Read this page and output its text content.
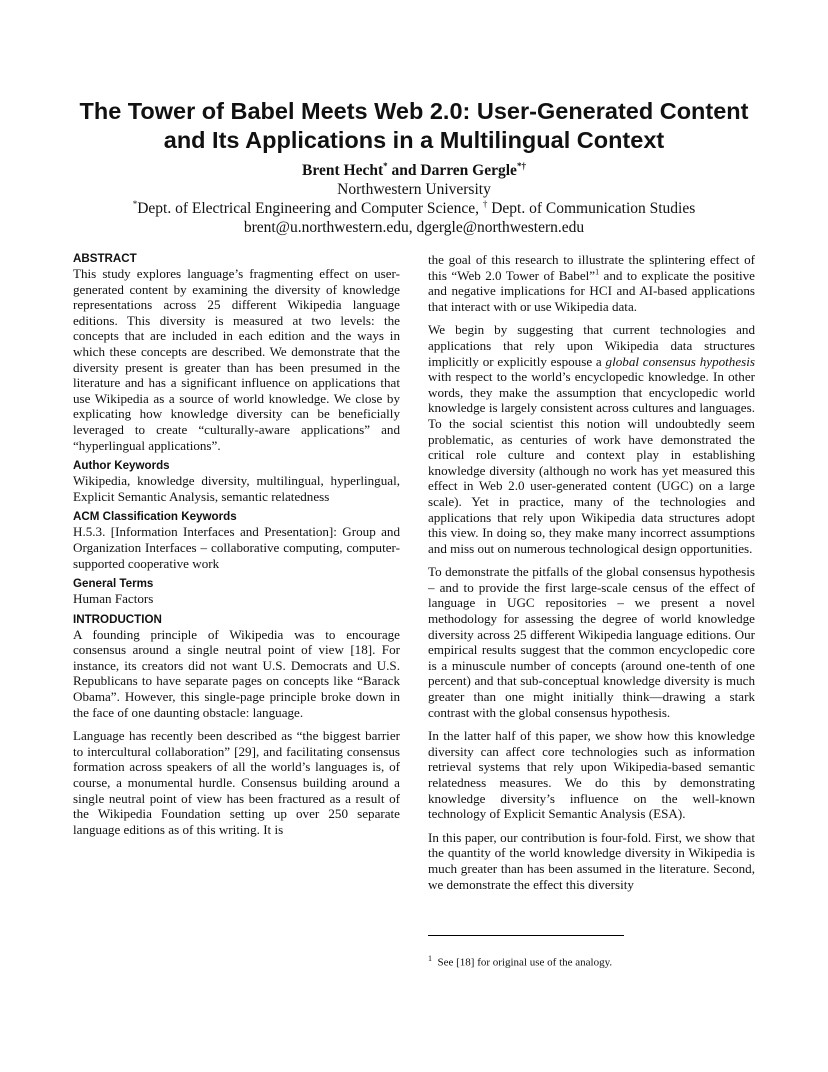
The Tower of Babel Meets Web 2.0: User-Generated Content and Its Applications in a Multilingual Context
Brent Hecht* and Darren Gergle*†
Northwestern University
*Dept. of Electrical Engineering and Computer Science, † Dept. of Communication Studies
brent@u.northwestern.edu, dgergle@northwestern.edu
ABSTRACT

This study explores language’s fragmenting effect on user-generated content by examining the diversity of knowledge representations across 25 different Wikipedia language editions. This diversity is measured at two levels: the concepts that are included in each edition and the ways in which these concepts are described. We demonstrate that the diversity present is greater than has been presumed in the literature and has a significant influence on applications that use Wikipedia as a source of world knowledge. We close by explicating how knowledge diversity can be beneficially leveraged to create “culturally-aware applications” and “hyperlingual applications”.

Author Keywords

Wikipedia, knowledge diversity, multilingual, hyperlingual, Explicit Semantic Analysis, semantic relatedness

ACM Classification Keywords

H.5.3. [Information Interfaces and Presentation]: Group and Organization Interfaces – collaborative computing, computer-supported cooperative work

General Terms

Human Factors

INTRODUCTION

A founding principle of Wikipedia was to encourage consensus around a single neutral point of view [18]. For instance, its creators did not want U.S. Democrats and U.S. Republicans to have separate pages on concepts like “Barack Obama”. However, this single-page principle broke down in the face of one daunting obstacle: language.

Language has recently been described as “the biggest barrier to intercultural collaboration” [29], and facilitating consensus formation across speakers of all the world’s languages is, of course, a monumental hurdle. Consensus building around a single neutral point of view has been fractured as a result of the Wikipedia Foundation setting up over 250 separate language editions as of this writing. It is

the goal of this research to illustrate the splintering effect of this “Web 2.0 Tower of Babel”$^1$ and to explicate the positive and negative implications for HCI and AI-based applications that interact with or use Wikipedia data.

We begin by suggesting that current technologies and applications that rely upon Wikipedia data structures implicitly or explicitly espouse a global consensus hypothesis with respect to the world’s encyclopedic knowledge. In other words, they make the assumption that encyclopedic world knowledge is largely consistent across cultures and languages. To the social scientist this notion will undoubtedly seem problematic, as centuries of work have demonstrated the critical role culture and context play in establishing knowledge diversity (although no work has yet measured this effect in Web 2.0 user-generated content (UGC) on a large scale). Yet in practice, many of the technologies and applications that rely upon Wikipedia data structures adopt this view. In doing so, they make many incorrect assumptions and miss out on numerous technological design opportunities.

To demonstrate the pitfalls of the global consensus hypothesis – and to provide the first large-scale census of the effect of language in UGC repositories – we present a novel methodology for assessing the degree of world knowledge diversity across 25 different Wikipedia language editions. Our empirical results suggest that the common encyclopedic core is a minuscule number of concepts (around one-tenth of one percent) and that sub-conceptual knowledge diversity is much greater than one might initially think—drawing a stark contrast with the global consensus hypothesis.

In the latter half of this paper, we show how this knowledge diversity can affect core technologies such as information retrieval systems that rely upon Wikipedia-based semantic relatedness measures. We do this by demonstrating knowledge diversity’s influence on the well-known technology of Explicit Semantic Analysis (ESA).

In this paper, our contribution is four-fold. First, we show that the quantity of the world knowledge diversity in Wikipedia is much greater than has been assumed in the literature. Second, we demonstrate the effect this diversity

$^1$ See [18] for original use of the analogy.
